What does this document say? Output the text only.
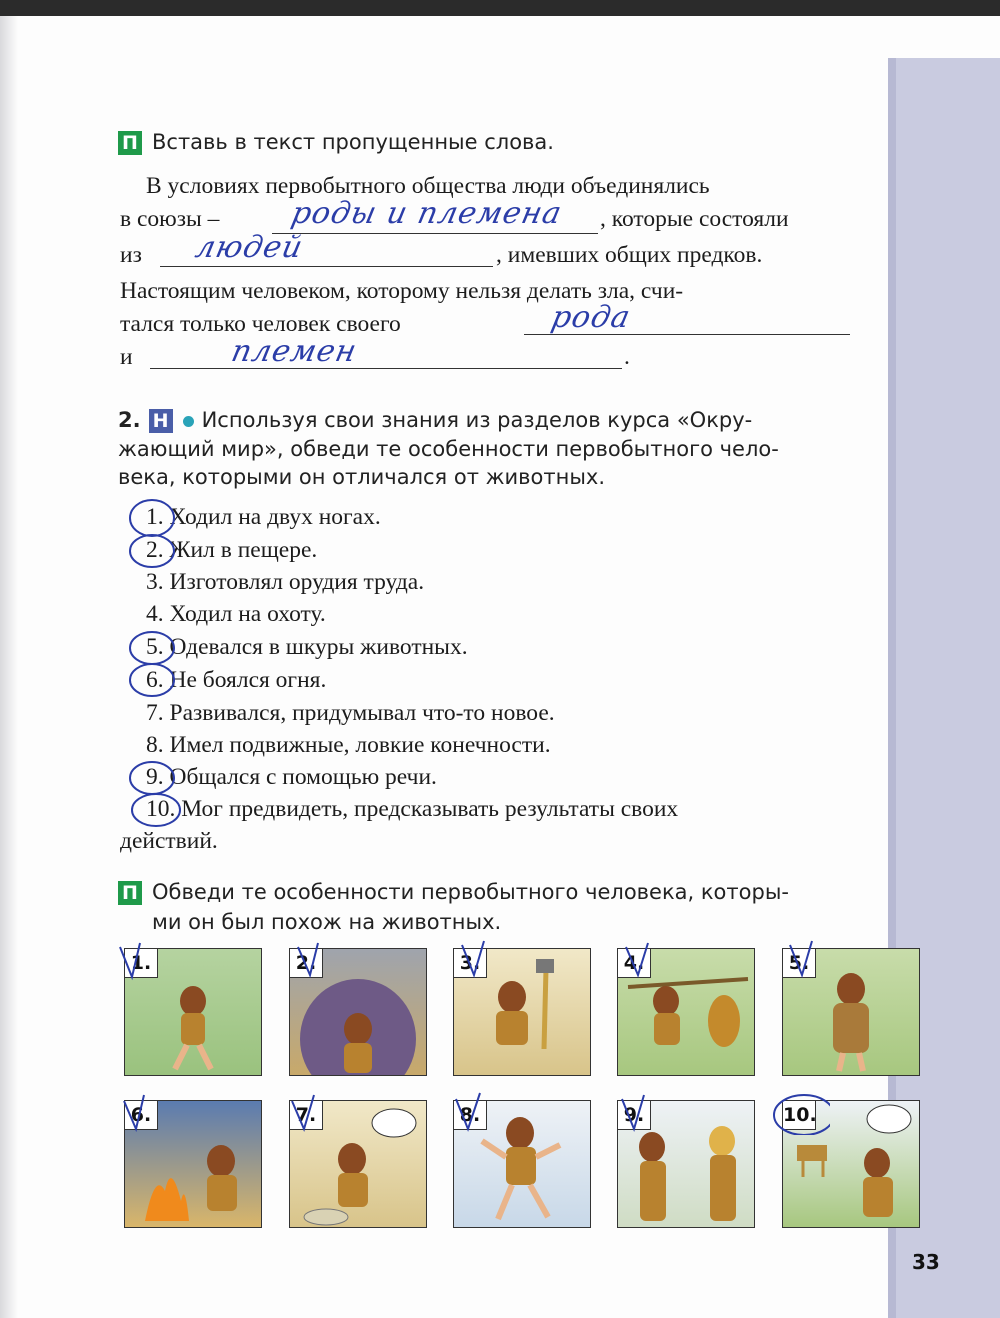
П Вставь в текст пропущенные слова.
В условиях первобытного общества люди объединялись
в союзы – роды и племена , которые состояли
из людей	, имевших общих предков.
Настоящим человеком, которому нельзя делать зла, счи-
тался только человек своего	рода
и	племен	.
2. Н Используя свои знания из разделов курса «Окру-
жающий мир», обведи те особенности первобытного чело-
века, которыми он отличался от животных.
1. Ходил на двух ногах.
2. Жил в пещере.
3. Изготовлял орудия труда.
4. Ходил на охоту.
5. Одевался в шкуры животных.
6. Не боялся огня.
7. Развивался, придумывал что-то новое.
8. Имел подвижные, ловкие конечности.
9. Общался с помощью речи.
10. Мог предвидеть, предсказывать результаты своих
действий.
П Обведи те особенности первобытного человека, которы-
ми он был похож на животных.
1.	2.	3.	4.	5.
6.	7.	8.	9.	10.
33
